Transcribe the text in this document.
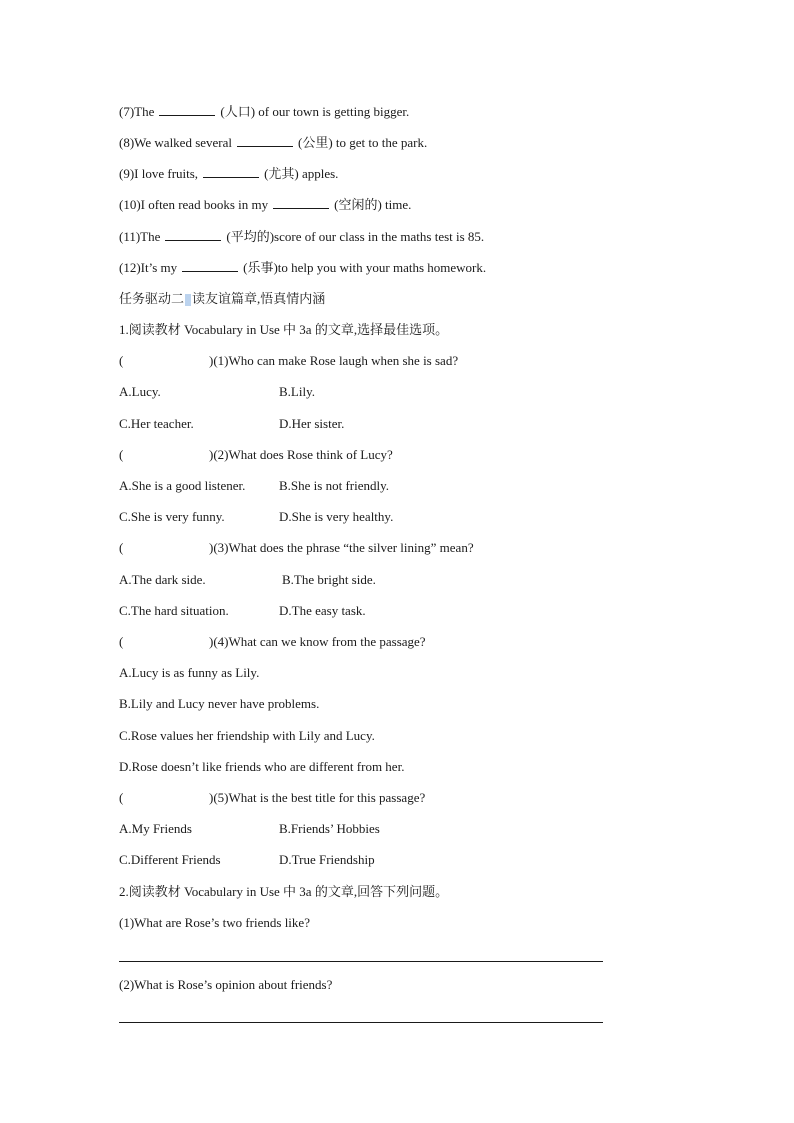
(7)The	(人口) of our town is getting bigger.
(8)We walked several	(公里) to get to the park.
(9)I love fruits,	(尤其) apples.
(10)I often read books in my	(空闲的) time.
(11)The	(平均的)score of our class in the maths test is 85.
(12)It’s my	(乐事)to help you with your maths homework.
任务驱动二 读友谊篇章,悟真情内涵
1.阅读教材 Vocabulary in Use 中 3a 的文章,选择最佳选项。
(	)(1)Who can make Rose laugh when she is sad?
A.Lucy.	B.Lily.
C.Her teacher.	D.Her sister.
(	)(2)What does Rose think of Lucy?
A.She is a good listener.	B.She is not friendly.
C.She is very funny.	D.She is very healthy.
(	)(3)What does the phrase “the silver lining” mean?
A.The dark side.	B.The bright side.
C.The hard situation.	D.The easy task.
(	)(4)What can we know from the passage?
A.Lucy is as funny as Lily.
B.Lily and Lucy never have problems.
C.Rose values her friendship with Lily and Lucy.
D.Rose doesn’t like friends who are different from her.
(	)(5)What is the best title for this passage?
A.My Friends	B.Friends’ Hobbies
C.Different Friends	D.True Friendship
2.阅读教材 Vocabulary in Use 中 3a 的文章,回答下列问题。
(1)What are Rose’s two friends like?
(2)What is Rose’s opinion about friends?
